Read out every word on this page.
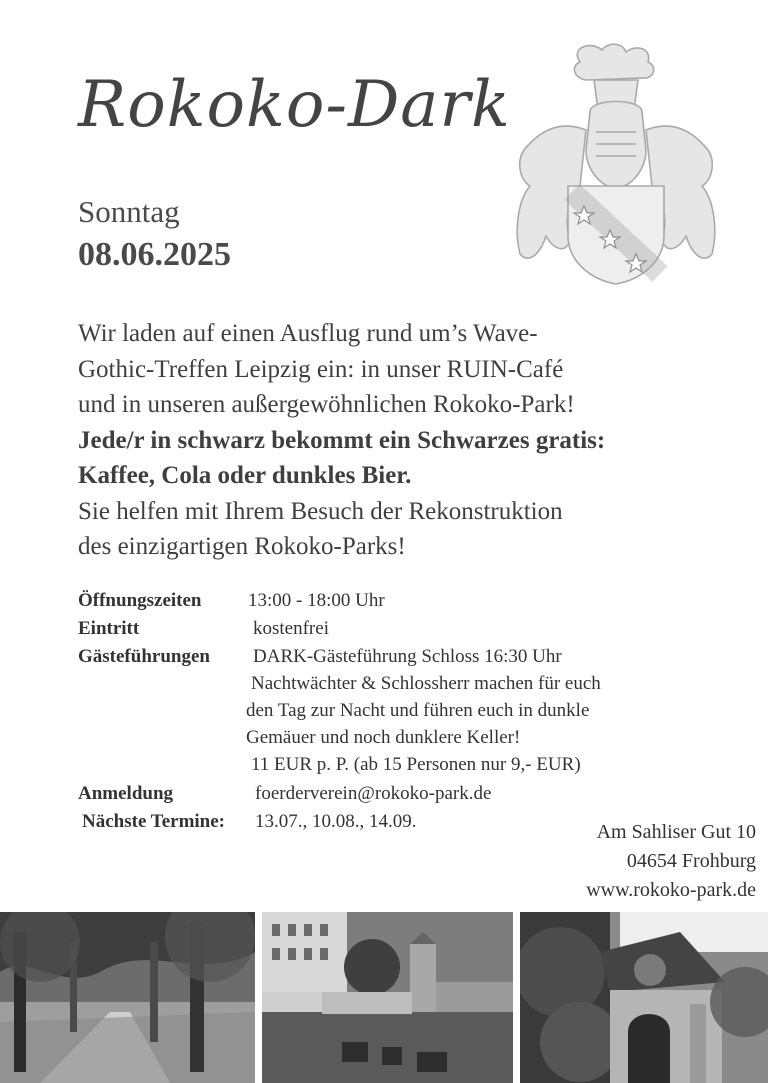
Rokoko-Dark
Sonntag
08.06.2025
Wir laden auf einen Ausflug rund um’s Wave-
Gothic-Treffen Leipzig ein: in unser RUIN-Café
und in unseren außergewöhnlichen Rokoko-Park!
Jede/r in schwarz bekommt ein Schwarzes gratis:
Kaffee, Cola oder dunkles Bier.
Sie helfen mit Ihrem Besuch der Rekonstruktion
des einzigartigen Rokoko-Parks!
Öffnungszeiten 13:00 - 18:00 Uhr
Eintritt	kostenfrei
Gästeführungen DARK-Gästeführung Schloss 16:30 Uhr
Nachtwächter & Schlossherr machen für euch
den Tag zur Nacht und führen euch in dunkle
Gemäuer und noch dunklere Keller!
11 EUR p. P. (ab 15 Personen nur 9,- EUR)
Anmeldung	foerderverein@rokoko-park.de
Nächste Termine: 13.07., 10.08., 14.09.	Am Sahliser Gut 10
04654 Frohburg
www.rokoko-park.de
